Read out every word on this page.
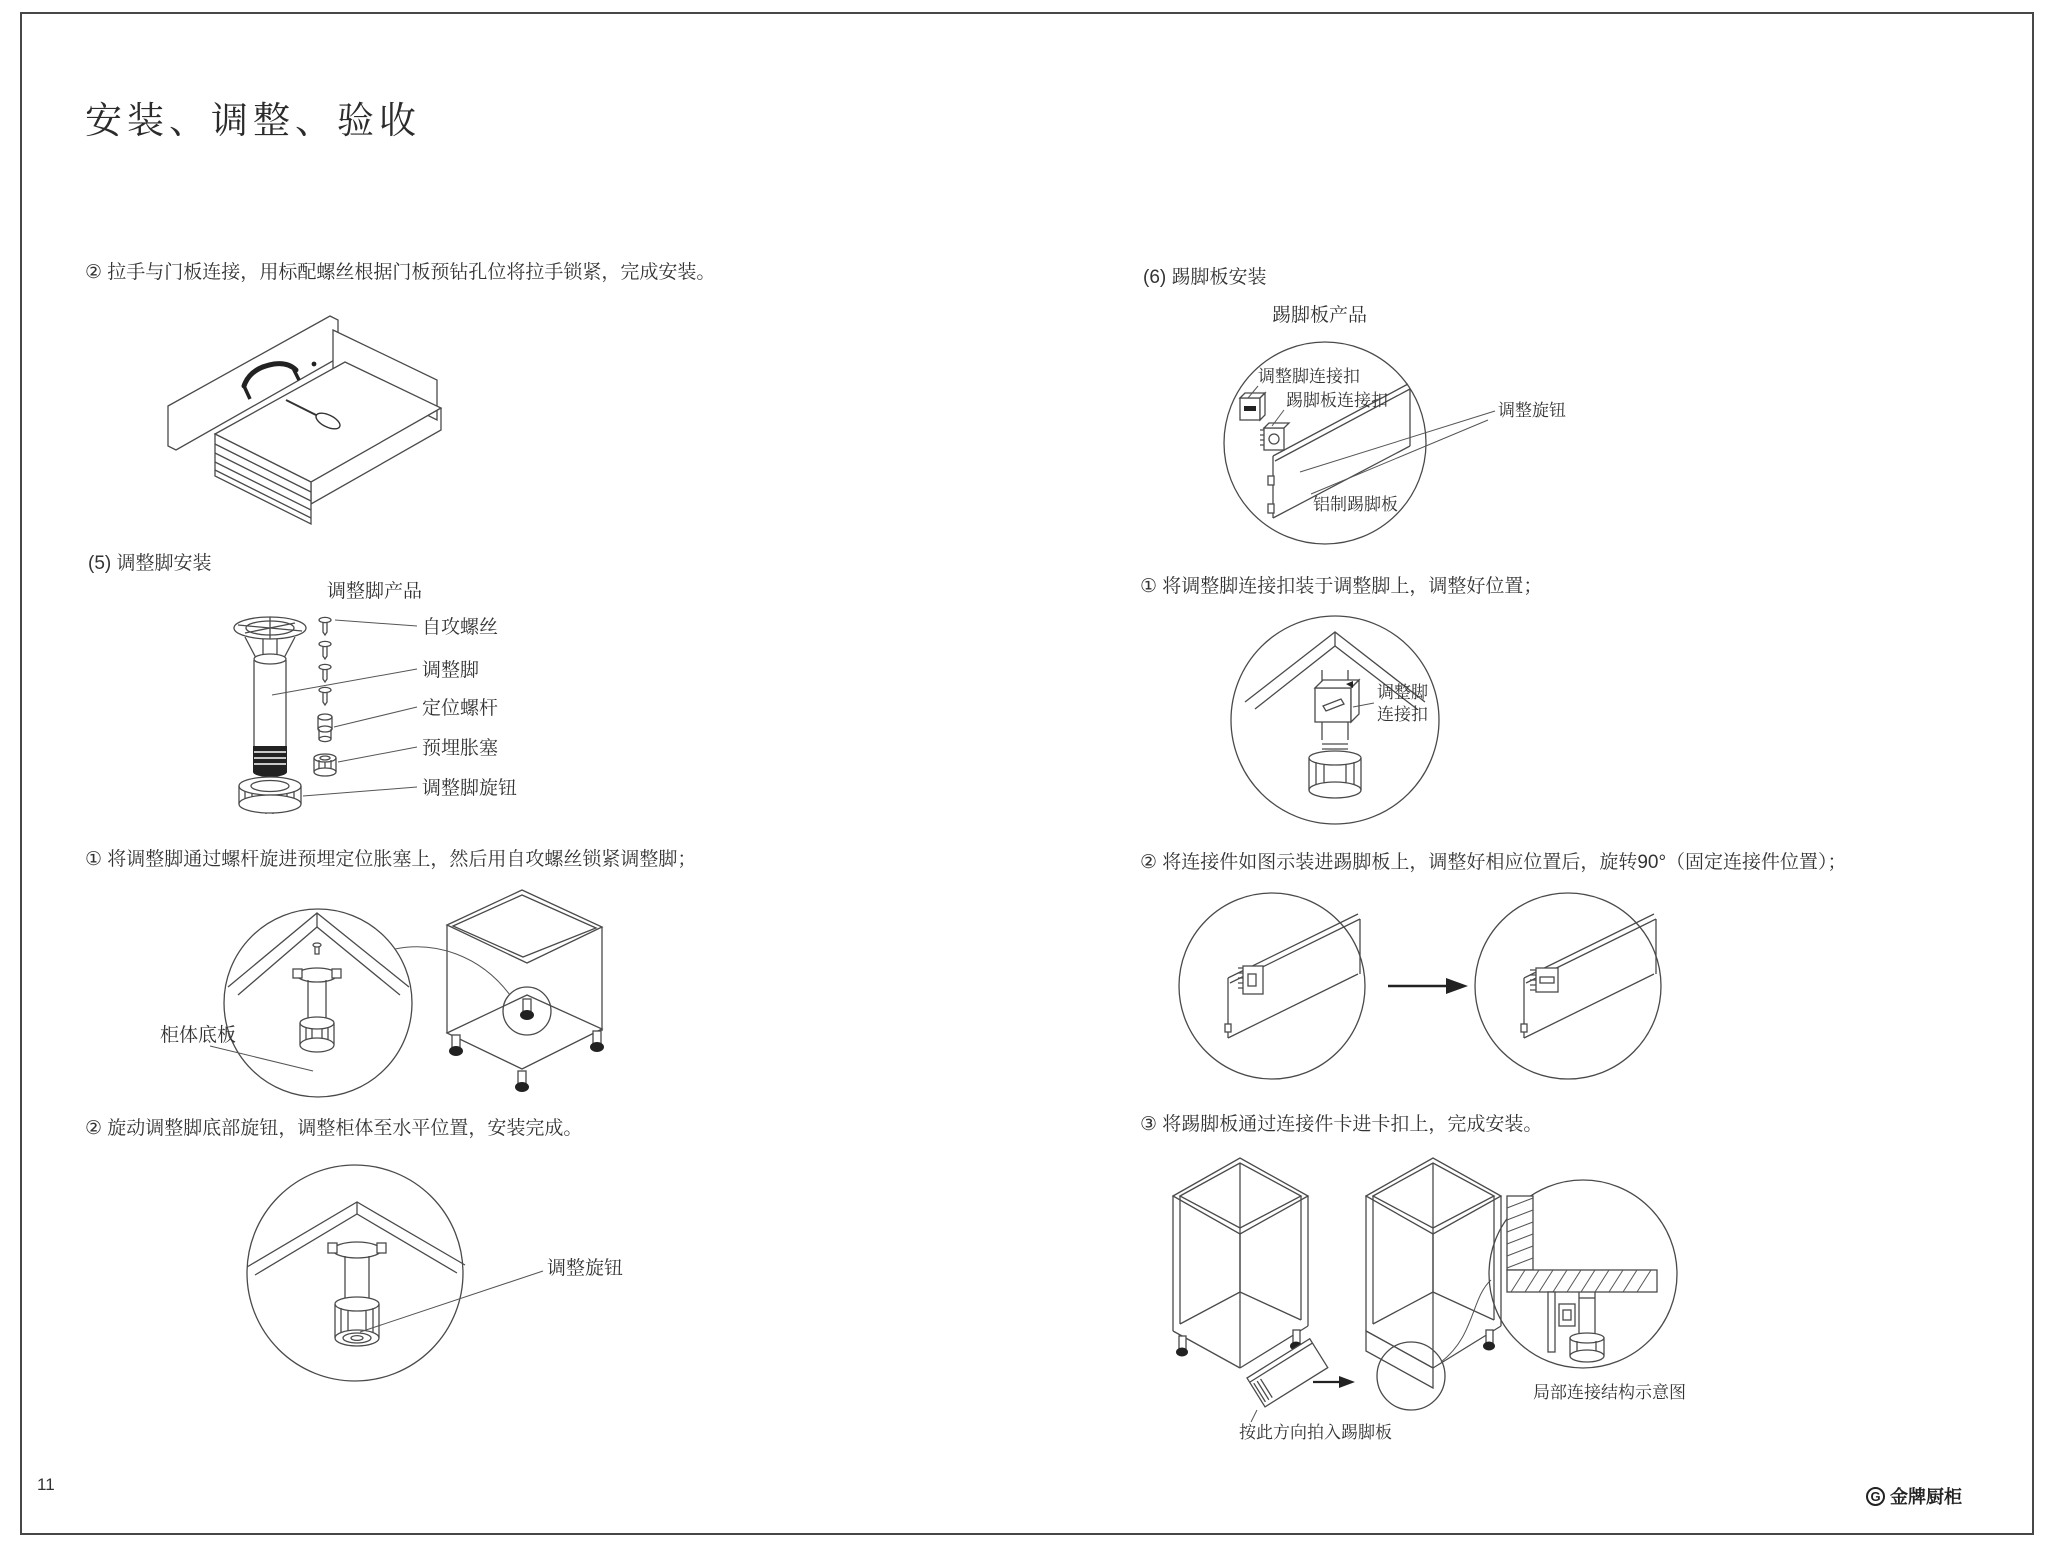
安装、调整、验收
② 拉手与门板连接，用标配螺丝根据门板预钻孔位将拉手锁紧，完成安装。
(5) 调整脚安装
调整脚产品
自攻螺丝
调整脚
定位螺杆
预埋胀塞
调整脚旋钮
① 将调整脚通过螺杆旋进预埋定位胀塞上，然后用自攻螺丝锁紧调整脚；
柜体底板
② 旋动调整脚底部旋钮，调整柜体至水平位置，安装完成。
调整旋钮
(6) 踢脚板安装
踢脚板产品
调整脚连接扣
踢脚板连接扣
调整旋钮
铝制踢脚板
① 将调整脚连接扣装于调整脚上，调整好位置；
调整脚
连接扣
② 将连接件如图示装进踢脚板上，调整好相应位置后，旋转90°（固定连接件位置）；
③ 将踢脚板通过连接件卡进卡扣上，完成安装。
局部连接结构示意图
按此方向拍入踢脚板
11
G 金牌厨柜
